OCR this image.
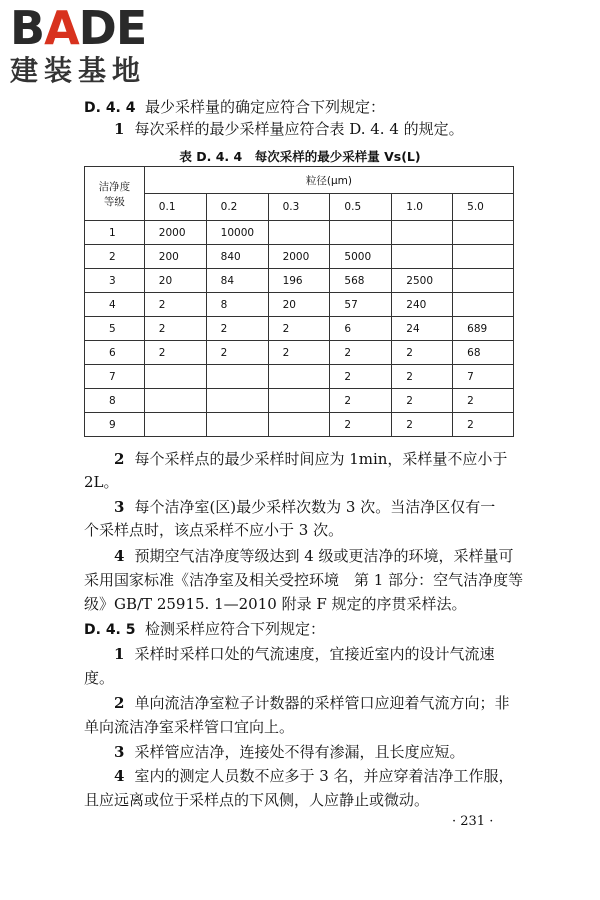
BADE
建装基地
D. 4. 4 最少采样量的确定应符合下列规定：
1 每次采样的最少采样量应符合表 D. 4. 4 的规定。
表 D. 4. 4　每次采样的最少采样量 Vs(L)
洁净度
等级	粒径(μm)					
	0.1	0.2	0.3	0.5	1.0	5.0
1	2000	10000				
2	200	840	2000	5000		
3	20	84	196	568	2500	
4	2	8	20	57	240	
5	2	2	2	6	24	689
6	2	2	2	2	2	68
7				2	2	7
8				2	2	2
9				2	2	2
2 每个采样点的最少采样时间应为 1min，采样量不应小于
2L。
3 每个洁净室(区)最少采样次数为 3 次。当洁净区仅有一
个采样点时，该点采样不应小于 3 次。
4 预期空气洁净度等级达到 4 级或更洁净的环境，采样量可
采用国家标准《洁净室及相关受控环境　第 1 部分：空气洁净度等
级》GB/T 25915. 1—2010 附录 F 规定的序贯采样法。
D. 4. 5 检测采样应符合下列规定：
1 采样时采样口处的气流速度，宜接近室内的设计气流速
度。
2 单向流洁净室粒子计数器的采样管口应迎着气流方向；非
单向流洁净室采样管口宜向上。
3 采样管应洁净，连接处不得有渗漏，且长度应短。
4 室内的测定人员数不应多于 3 名，并应穿着洁净工作服，
且应远离或位于采样点的下风侧，人应静止或微动。
· 231 ·
